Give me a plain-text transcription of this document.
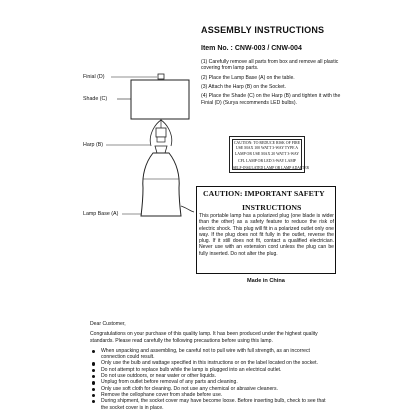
ASSEMBLY INSTRUCTIONS
Item No. : CNW-003 / CNW-004

(1) Carefully remove all parts from box and remove all plastic covering from lamp parts.

(2) Place the Lamp Base (A) on the table.

(3) Attach the Harp (B) on the Socket.

(4) Place the Shade (C) on the Harp (B) and tighten it with the Finial (D) (Surya recommends LED bulbs).

Finial (D)
Shade (C)
Harp (B)
Lamp Base (A)
CAUTION: TO REDUCE RISK OF FIRE
USE MAX 100 WATT 3-WAY TYPE A
LAMP OR USE MAX 20 WATT 3-WAY
CFL LAMP OR LED 3-WAY LAMP
SELF-INSULATED LAMP OR LAMP ADAPTER
CAUTION: IMPORTANT SAFETY
INSTRUCTIONS
This portable lamp has a polarized plug (one blade is wider than the other) as a safety feature to reduce the risk of electric shock. This plug will fit in a polarized outlet only one way. If the plug does not fit fully in the outlet, reverse the plug. If it still does not fit, contact a qualified electrician. Never use with an extension cord unless the plug can be fully inserted. Do not alter the plug.
Made in China

Dear Customer,

Congratulations on your purchase of this quality lamp. It has been produced under the highest quality standards. Please read carefully the following precautions before using this lamp.

When unpacking and assembling, be careful not to pull wire with full strength, as an incorrect connection could result.
Only use the bulb and wattage specified in this instructions or on the label located on the socket.
Do not attempt to replace bulb while the lamp is plugged into an electrical outlet.
Do not use outdoors, or near water or other liquids.
Unplug from outlet before removal of any parts and cleaning.
Only use soft cloth for cleaning. Do not use any chemical or abrasive cleaners.
Remove the cellophane cover from shade before use.
During shipment, the socket cover may have become loose. Before inserting bulb, check to see that the socket cover is in place.
